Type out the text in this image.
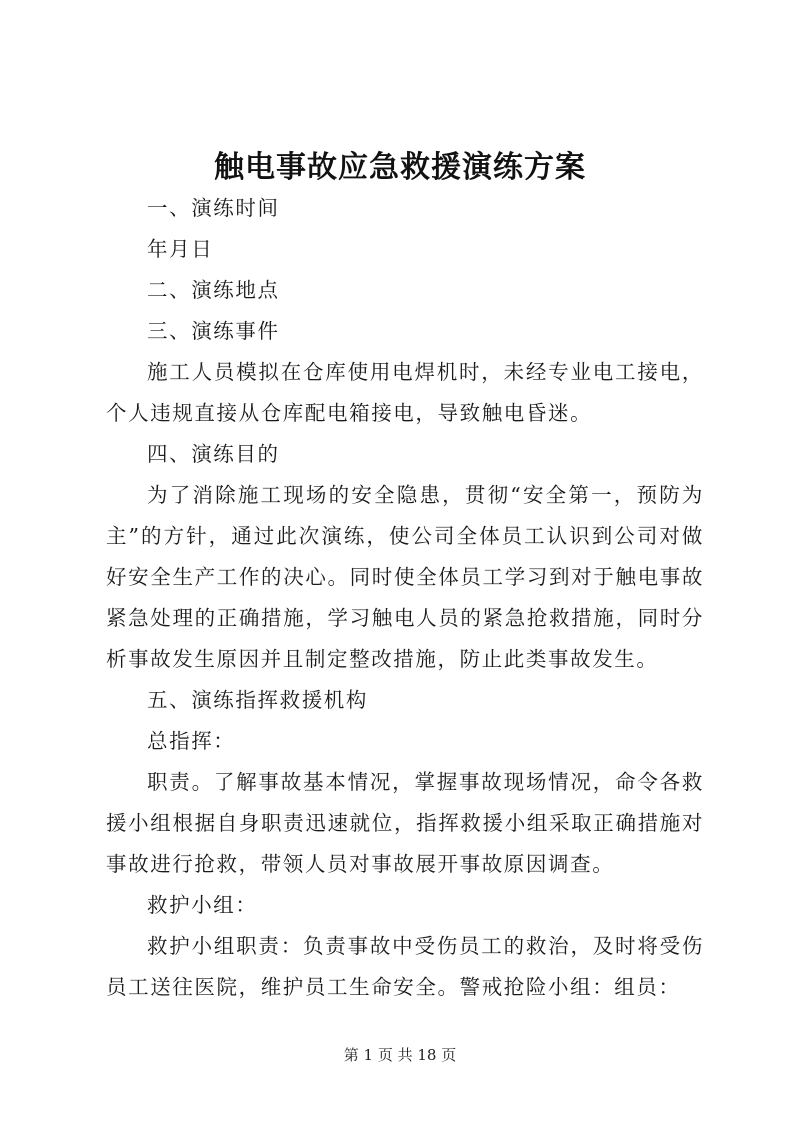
触电事故应急救援演练方案

一、演练时间

年月日

二、演练地点

三、演练事件

施工人员模拟在仓库使用电焊机时，未经专业电工接电，个人违规直接从仓库配电箱接电，导致触电昏迷。

四、演练目的

为了消除施工现场的安全隐患，贯彻“安全第一，预防为主”的方针，通过此次演练，使公司全体员工认识到公司对做好安全生产工作的决心。同时使全体员工学习到对于触电事故紧急处理的正确措施，学习触电人员的紧急抢救措施，同时分析事故发生原因并且制定整改措施，防止此类事故发生。

五、演练指挥救援机构

总指挥：

职责。了解事故基本情况，掌握事故现场情况，命令各救援小组根据自身职责迅速就位，指挥救援小组采取正确措施对事故进行抢救，带领人员对事故展开事故原因调查。

救护小组：

救护小组职责：负责事故中受伤员工的救治，及时将受伤员工送往医院，维护员工生命安全。警戒抢险小组：组员：

第 1 页 共 18 页
